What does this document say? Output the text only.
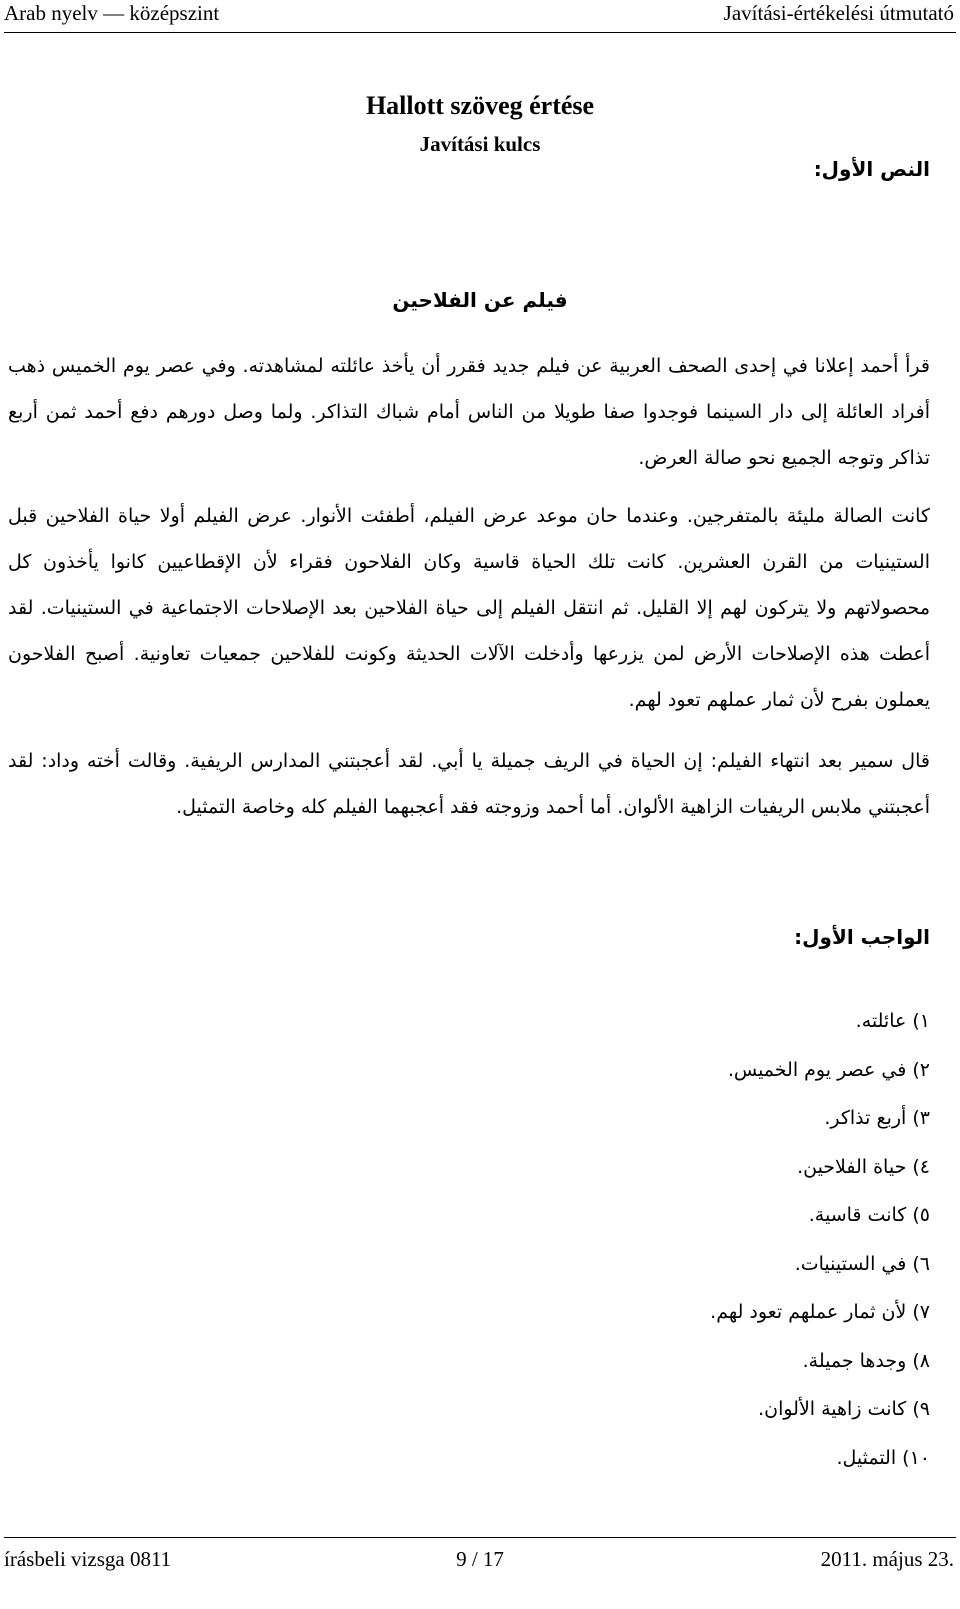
Arab nyelv — középszint	Javítási-értékelési útmutató
Hallott szöveg értése
Javítási kulcs
النص الأول:
فيلم عن الفلاحين
قرأ أحمد إعلانا في إحدى الصحف العربية عن فيلم جديد فقرر أن يأخذ عائلته لمشاهدته. وفي عصر يوم الخميس ذهب أفراد العائلة إلى دار السينما فوجدوا صفا طويلا من الناس أمام شباك التذاكر. ولما وصل دورهم دفع أحمد ثمن أربع تذاكر وتوجه الجميع نحو صالة العرض.
كانت الصالة مليئة بالمتفرجين. وعندما حان موعد عرض الفيلم، أطفئت الأنوار. عرض الفيلم أولا حياة الفلاحين قبل الستينيات من القرن العشرين. كانت تلك الحياة قاسية وكان الفلاحون فقراء لأن الإقطاعيين كانوا يأخذون كل محصولاتهم ولا يتركون لهم إلا القليل. ثم انتقل الفيلم إلى حياة الفلاحين بعد الإصلاحات الاجتماعية في الستينيات. لقد أعطت هذه الإصلاحات الأرض لمن يزرعها وأدخلت الآلات الحديثة وكونت للفلاحين جمعيات تعاونية. أصبح الفلاحون يعملون بفرح لأن ثمار عملهم تعود لهم.
قال سمير بعد انتهاء الفيلم: إن الحياة في الريف جميلة يا أبي. لقد أعجبتني المدارس الريفية. وقالت أخته وداد: لقد أعجبتني ملابس الريفيات الزاهية الألوان. أما أحمد وزوجته فقد أعجبهما الفيلم كله وخاصة التمثيل.
الواجب الأول:
١) عائلته.
٢) في عصر يوم الخميس.
٣) أربع تذاكر.
٤) حياة الفلاحين.
٥) كانت قاسية.
٦) في الستينيات.
٧) لأن ثمار عملهم تعود لهم.
٨) وجدها جميلة.
٩) كانت زاهية الألوان.
١٠) التمثيل.
írásbeli vizsga 0811	9 / 17	2011. május 23.
